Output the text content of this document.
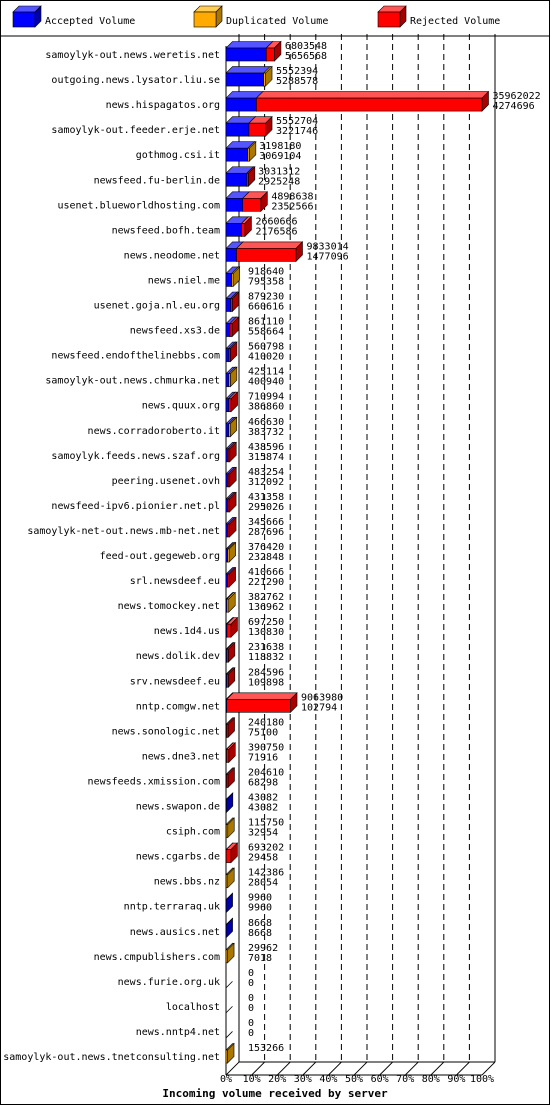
Accepted Volume	Duplicated Volume	Rejected Volume
samoylyk-out.news.weretis.net
6803548
5656568
outgoing.news.lysator.liu.se
5552394
5288578
news.hispagatos.org
35962022
4274696
samoylyk-out.feeder.erje.net
5552704
3221746
gothmog.csi.it
3198180
3069104
newsfeed.fu-berlin.de
3031312
2925248
usenet.blueworldhosting.com
4898638
2352566
newsfeed.bofh.team
2660666
2176586
news.neodome.net
9833014
1477096
news.niel.me
918640
795358
usenet.goja.nl.eu.org
879230
660616
newsfeed.xs3.de
861110
558664
newsfeed.endofthelinebbs.com
560798
410020
samoylyk-out.news.chmurka.net
425114
400940
news.quux.org
710994
386860
news.corradoroberto.it
466630
383732
samoylyk.feeds.news.szaf.org
438596
315874
peering.usenet.ovh
483254
312092
newsfeed-ipv6.pionier.net.pl
431358
295026
samoylyk-net-out.news.mb-net.net
345666
287696
feed-out.gegeweb.org
376420
232848
srl.newsdeef.eu
410666
221290
news.tomockey.net
382762
136962
news.1d4.us
697250
130830
news.dolik.dev
231638
118832
srv.newsdeef.eu
284596
109898
nntp.comgw.net
9063980
102794
news.sonologic.net
240180
75100
news.dne3.net
390750
71916
newsfeeds.xmission.com
204610
68298
news.swapon.de
43082
43082
csiph.com
115750
32954
news.cgarbs.de
693202
29458
news.bbs.nz
142386
28054
nntp.terraraq.uk
9960
9960
news.ausics.net
8668
8668
news.cmpublishers.com
29962
7018
news.furie.org.uk
0
0
localhost
0
0
news.nntp4.net
0
0
samoylyk-out.news.tnetconsulting.net
153266
0% 10% 20% 30% 40% 50% 60% 70% 80% 90% 100%
Incoming volume received by server
